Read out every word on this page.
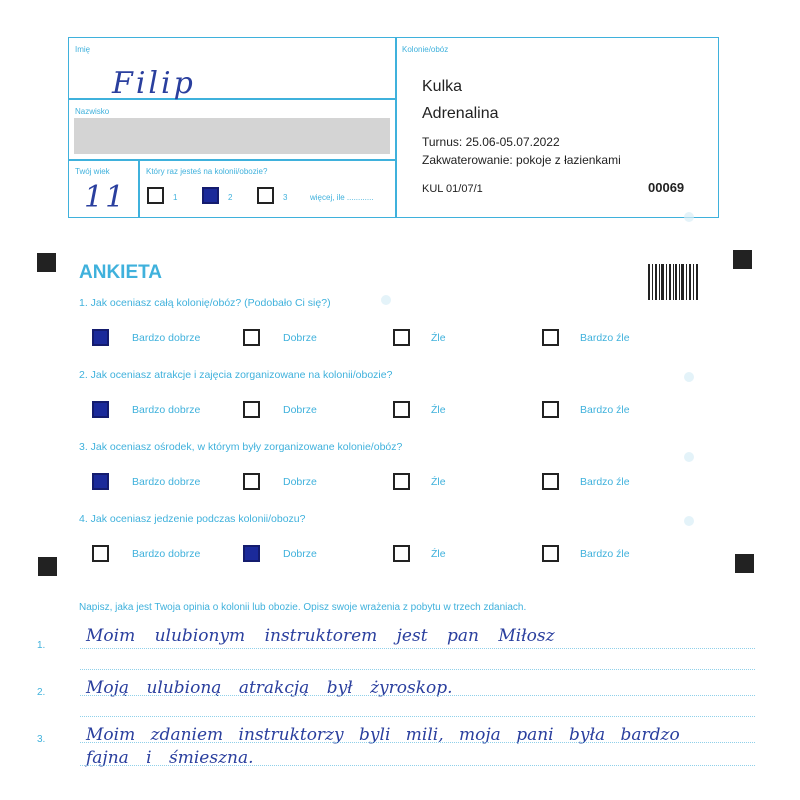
Imię
Filip
Nazwisko
Twój wiek
11
Który raz jesteś na kolonii/obozie?
1	2	3	więcej, ile ............
Kolonie/obóz
Kulka
Adrenalina
Turnus: 25.06-05.07.2022
Zakwaterowanie: pokoje z łazienkami
KUL 01/07/1	00069
ANKIETA
1. Jak oceniasz całą kolonię/obóz? (Podobało Ci się?)
Bardzo dobrze	Dobrze	Źle	Bardzo źle
2. Jak oceniasz atrakcje i zajęcia zorganizowane na kolonii/obozie?
Bardzo dobrze	Dobrze	Źle	Bardzo źle
3. Jak oceniasz ośrodek, w którym były zorganizowane kolonie/obóz?
Bardzo dobrze	Dobrze	Źle	Bardzo źle
4. Jak oceniasz jedzenie podczas kolonii/obozu?
Bardzo dobrze	Dobrze	Źle	Bardzo źle
Napisz, jaka jest Twoja opinia o kolonii lub obozie. Opisz swoje wrażenia z pobytu w trzech zdaniach.
1. Moim ulubionym instruktorem jest pan Miłosz
2. Moją ulubioną atrakcją był żyroskop.
3. Moim zdaniem instruktorzy byli mili, moja pani była bardzo
fajna i śmieszna.
